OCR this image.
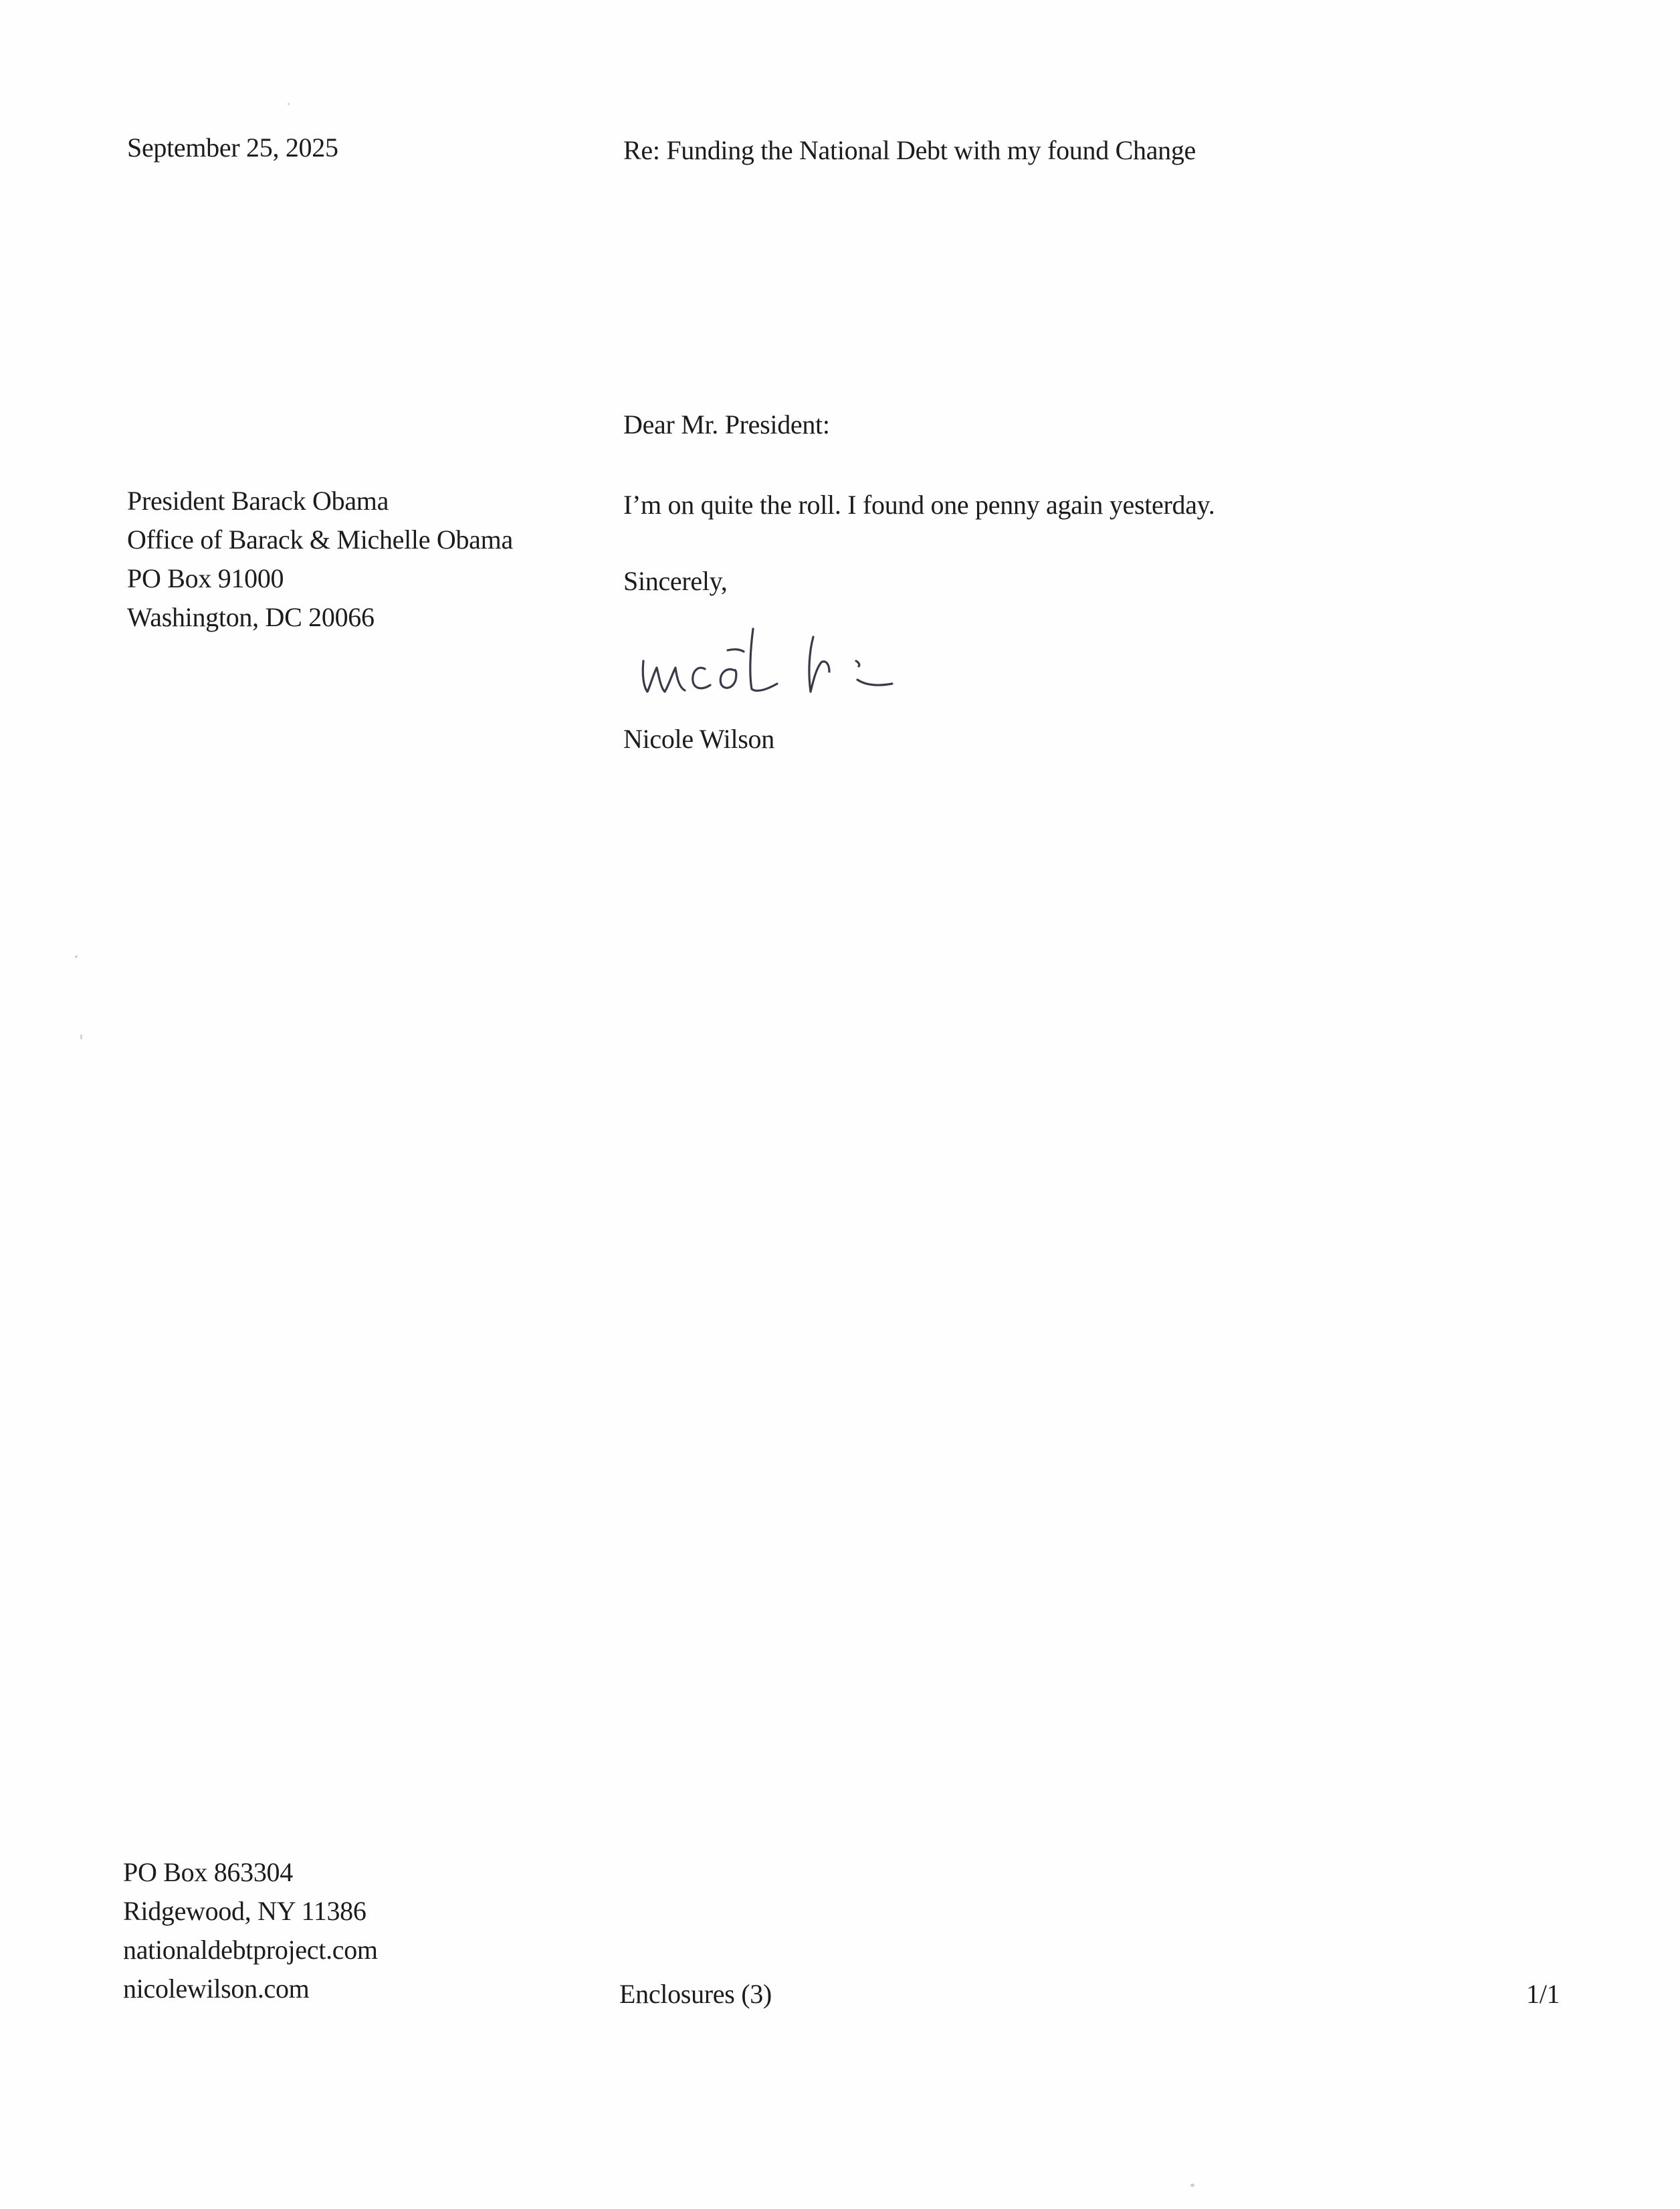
September 25, 2025	Re: Funding the National Debt with my found Change
Dear Mr. President:
President Barack Obama
Office of Barack & Michelle Obama
PO Box 91000
Washington, DC 20066
I’m on quite the roll. I found one penny again yesterday.
Sincerely,
Nicole Wilson
PO Box 863304
Ridgewood, NY 11386
nationaldebtproject.com
nicolewilson.com	Enclosures (3)	1/1
